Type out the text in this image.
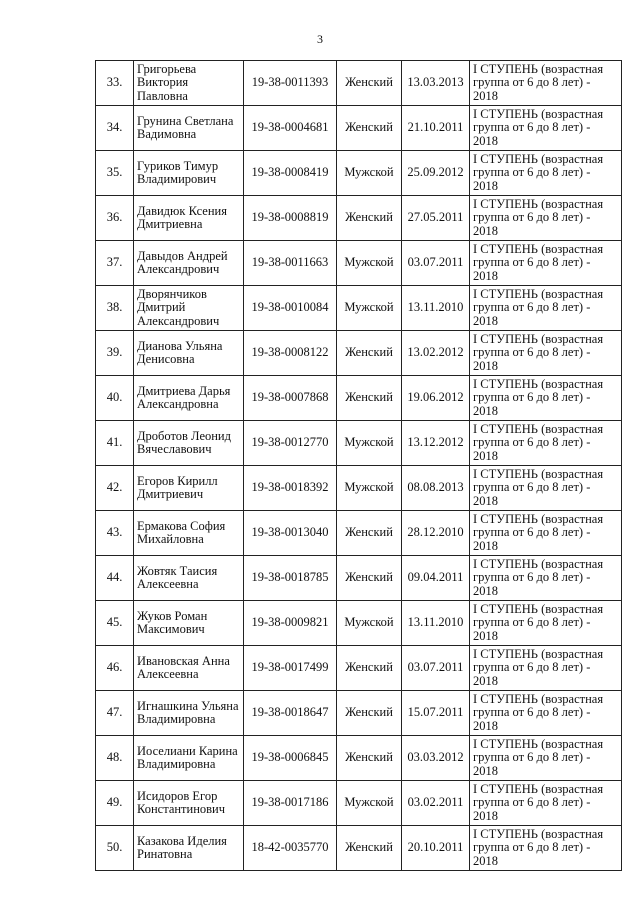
3
33.	Григорьева Виктория Павловна	19-38-0011393	Женский	13.03.2013	I СТУПЕНЬ (возрастная группа от 6 до 8 лет) -
2018

34.	Грунина Светлана Вадимовна	19-38-0004681	Женский	21.10.2011	I СТУПЕНЬ (возрастная группа от 6 до 8 лет) -
2018

35.	Гуриков Тимур Владимирович	19-38-0008419	Мужской	25.09.2012	I СТУПЕНЬ (возрастная группа от 6 до 8 лет) -
2018

36.	Давидюк Ксения Дмитриевна	19-38-0008819	Женский	27.05.2011	I СТУПЕНЬ (возрастная группа от 6 до 8 лет) -
2018

37.	Давыдов Андрей Александрович	19-38-0011663	Мужской	03.07.2011	I СТУПЕНЬ (возрастная группа от 6 до 8 лет) -
2018

38.	Дворянчиков Дмитрий Александрович	19-38-0010084	Мужской	13.11.2010	I СТУПЕНЬ (возрастная группа от 6 до 8 лет) -
2018

39.	Дианова Ульяна Денисовна	19-38-0008122	Женский	13.02.2012	I СТУПЕНЬ (возрастная группа от 6 до 8 лет) -
2018

40.	Дмитриева Дарья Александровна	19-38-0007868	Женский	19.06.2012	I СТУПЕНЬ (возрастная группа от 6 до 8 лет) -
2018

41.	Дроботов Леонид Вячеславович	19-38-0012770	Мужской	13.12.2012	I СТУПЕНЬ (возрастная группа от 6 до 8 лет) -
2018

42.	Егоров Кирилл Дмитриевич	19-38-0018392	Мужской	08.08.2013	I СТУПЕНЬ (возрастная группа от 6 до 8 лет) -
2018

43.	Ермакова София Михайловна	19-38-0013040	Женский	28.12.2010	I СТУПЕНЬ (возрастная группа от 6 до 8 лет) -
2018

44.	Жовтяк Таисия Алексеевна	19-38-0018785	Женский	09.04.2011	I СТУПЕНЬ (возрастная группа от 6 до 8 лет) -
2018

45.	Жуков Роман Максимович	19-38-0009821	Мужской	13.11.2010	I СТУПЕНЬ (возрастная группа от 6 до 8 лет) -
2018

46.	Ивановская Анна Алексеевна	19-38-0017499	Женский	03.07.2011	I СТУПЕНЬ (возрастная группа от 6 до 8 лет) -
2018

47.	Игнашкина Ульяна Владимировна	19-38-0018647	Женский	15.07.2011	I СТУПЕНЬ (возрастная группа от 6 до 8 лет) -
2018

48.	Иоселиани Карина Владимировна	19-38-0006845	Женский	03.03.2012	I СТУПЕНЬ (возрастная группа от 6 до 8 лет) -
2018

49.	Исидоров Егор Константинович	19-38-0017186	Мужской	03.02.2011	I СТУПЕНЬ (возрастная группа от 6 до 8 лет) -
2018

50.	Казакова Иделия Ринатовна	18-42-0035770	Женский	20.10.2011	I СТУПЕНЬ (возрастная группа от 6 до 8 лет) -
2018
